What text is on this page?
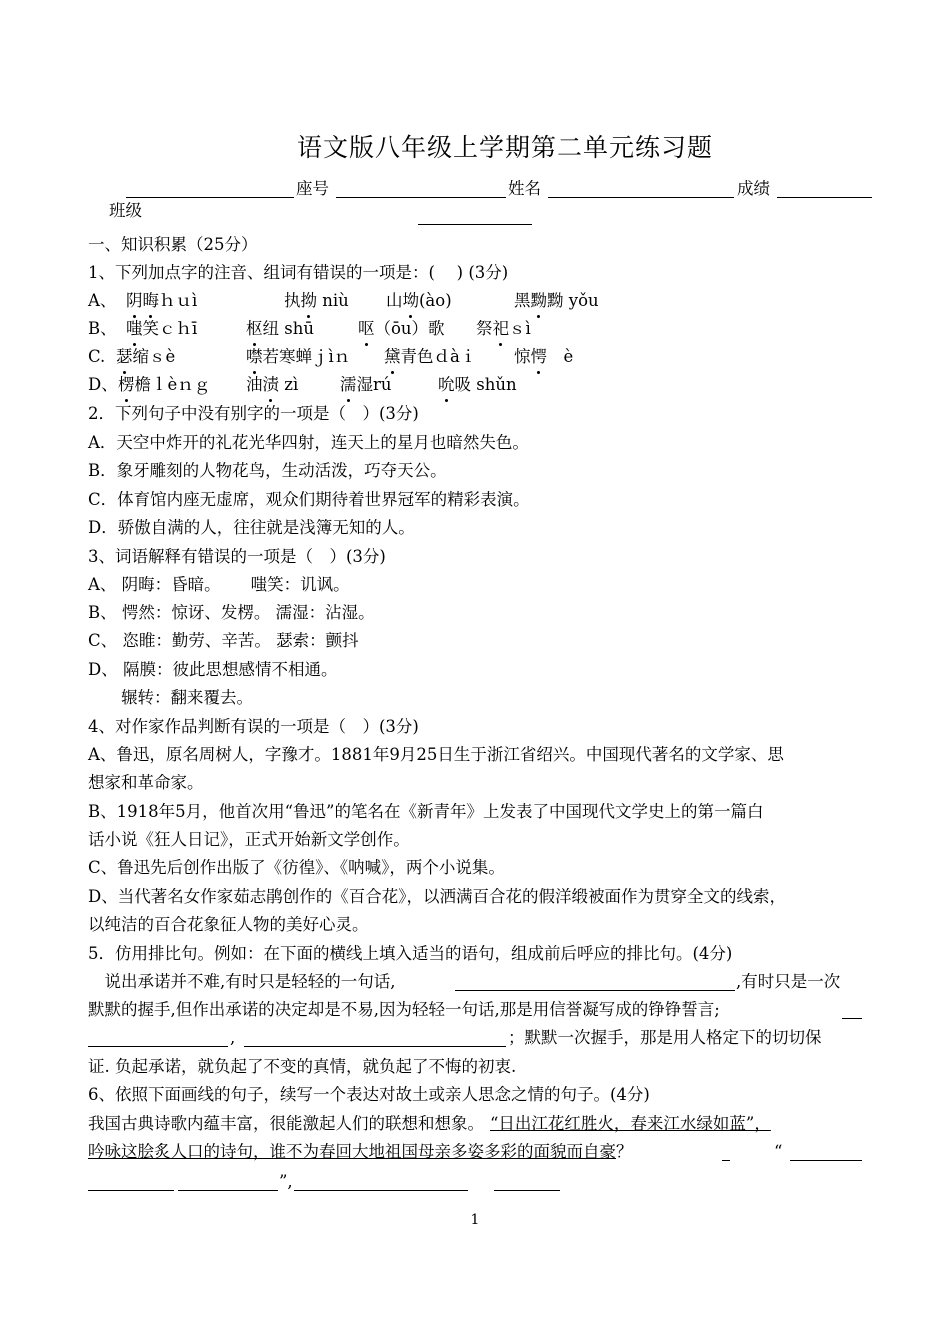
语文版八年级上学期第二单元练习题

班级

座号	姓名	成绩
一、知识积累（25分）
1、下列加点字的注音、组词有错误的一项是：(　 ) (3分)
A、 阴晦ｈｕì	执拗 niù 山坳(ào)	黑黝黝 yǒu
B、 嗤笑ｃｈī	枢纽 shū	呕（ōu）歌 祭祀ｓì
C. 瑟缩ｓè	噤若寒蝉ｊìｎ 黛青色ｄàｉ 惊愕　 è
D、 楞檐ｌèｎｇ 油渍 zì	濡湿rú	吮吸 shǔn
2．下列句子中没有别字的一项是（　）(3分)
A．天空中炸开的礼花光华四射，连天上的星月也暗然失色。
B．象牙雕刻的人物花鸟，生动活泼，巧夺天公。
C．体育馆内座无虚席，观众们期待着世界冠军的精彩表演。
D．骄傲自满的人，往往就是浅簿无知的人。
3、词语解释有错误的一项是（　）(3分)
A、 阴晦：昏暗。　　 嗤笑：讥讽。
B、 愕然：惊讶、发楞。 濡湿：沾湿。
C、 恣睢：勤劳、辛苦。 瑟索：颤抖
D、 隔膜：彼此思想感情不相通。
　　辗转：翻来覆去。
4、对作家作品判断有误的一项是（　）(3分)
A、鲁迅，原名周树人，字豫才。1881年9月25日生于浙江省绍兴。中国现代著名的文学家、思
想家和革命家。
B、1918年5月，他首次用“鲁迅”的笔名在《新青年》上发表了中国现代文学史上的第一篇白
话小说《狂人日记》，正式开始新文学创作。
C、鲁迅先后创作出版了《彷徨》、《呐喊》，两个小说集。
D、当代著名女作家茹志鹃创作的《百合花》，以洒满百合花的假洋缎被面作为贯穿全文的线索，
以纯洁的百合花象征人物的美好心灵。
5．仿用排比句。例如：在下面的横线上填入适当的语句，组成前后呼应的排比句。(4分)
　说出承诺并不难,有时只是轻轻的一句话,	,有时只是一次
默默的握手,但作出承诺的决定却是不易,因为轻轻一句话,那是用信誉凝写成的铮铮誓言;
,	；默默一次握手，那是用人格定下的切切保
证. 负起承诺，就负起了不变的真情，就负起了不悔的初衷.
6、依照下面画线的句子，续写一个表达对故土或亲人思念之情的句子。(4分)
我国古典诗歌内蕴丰富，很能激起人们的联想和想象。 “日出江花红胜火，春来江水绿如蓝”，
吟咏这脍炙人口的诗句，谁不为春回大地祖国母亲多姿多彩的面貌而自豪？	“
”,
1
